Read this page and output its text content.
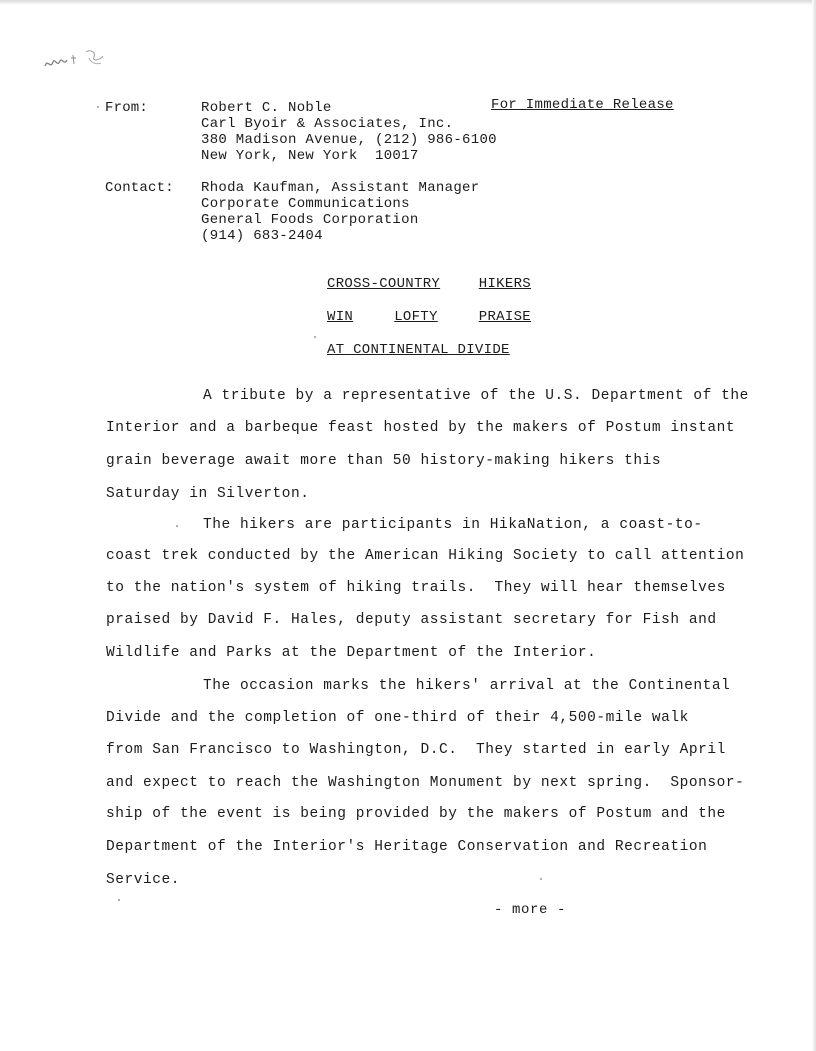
From:	Robert C. Noble
Carl Byoir & Associates, Inc.
380 Madison Avenue, (212) 986-6100
New York, New York  10017
For Immediate Release
Contact: Rhoda Kaufman, Assistant Manager
Corporate Communications
General Foods Corporation
(914) 683-2404
CROSS-COUNTRY	HIKERS
WIN	LOFTY	PRAISE
AT CONTINENTAL DIVIDE
A tribute by a representative of the U.S. Department of the
Interior and a barbeque feast hosted by the makers of Postum instant
grain beverage await more than 50 history-making hikers this
Saturday in Silverton.
The hikers are participants in HikaNation, a coast-to-
coast trek conducted by the American Hiking Society to call attention
to the nation's system of hiking trails.  They will hear themselves
praised by David F. Hales, deputy assistant secretary for Fish and
Wildlife and Parks at the Department of the Interior.
The occasion marks the hikers' arrival at the Continental
Divide and the completion of one-third of their 4,500-mile walk
from San Francisco to Washington, D.C.  They started in early April
and expect to reach the Washington Monument by next spring.  Sponsor-
ship of the event is being provided by the makers of Postum and the
Department of the Interior's Heritage Conservation and Recreation
Service.
- more -
